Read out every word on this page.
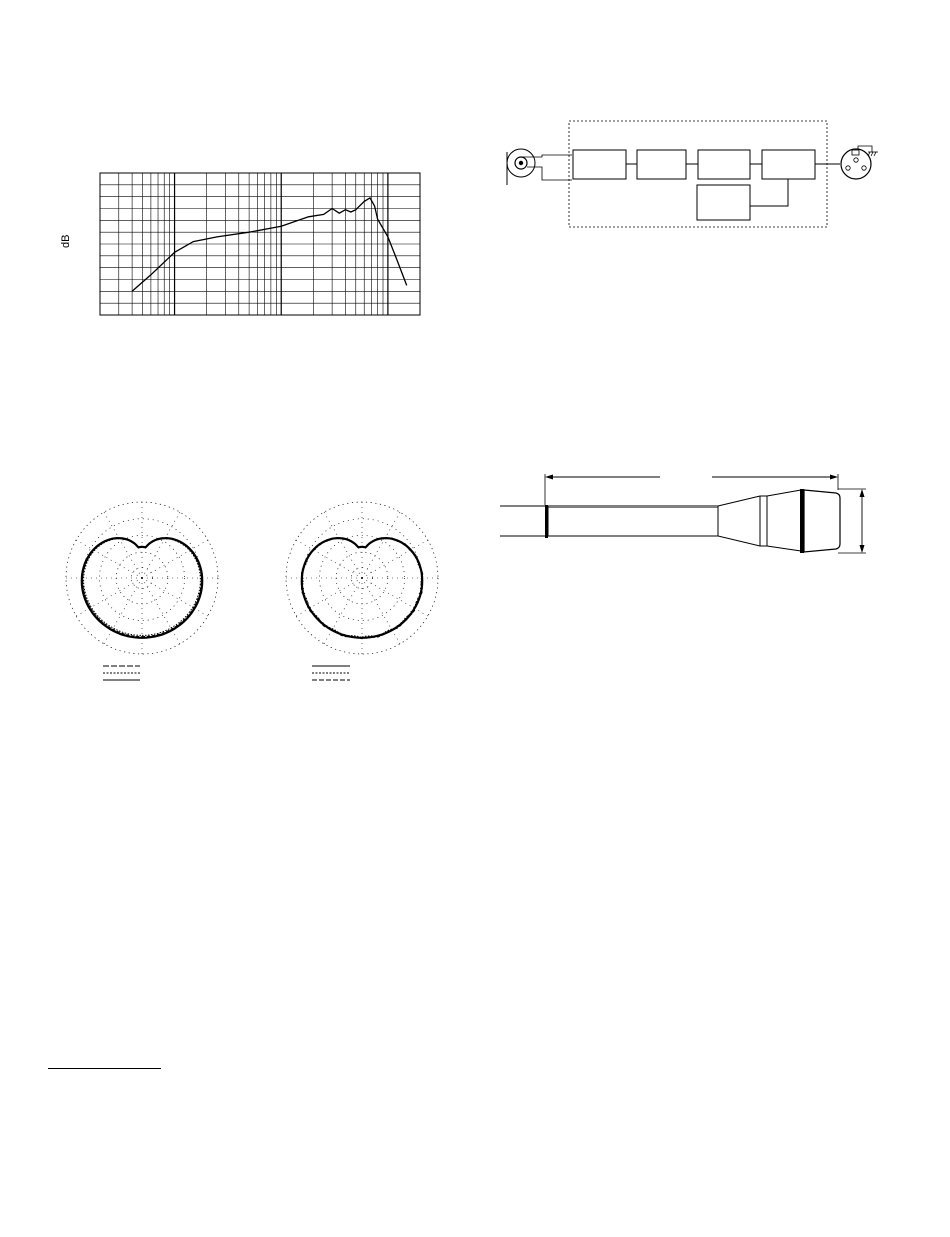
dB
